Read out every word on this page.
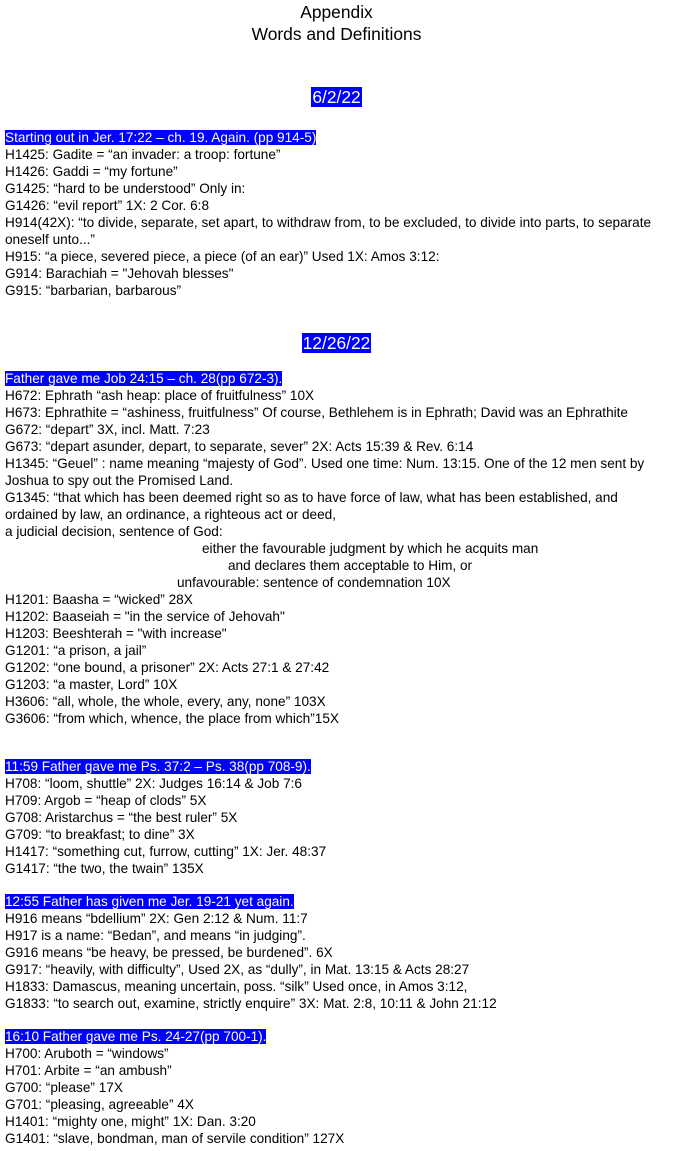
Appendix
Words and Definitions
6/2/22
Starting out in Jer. 17:22 – ch. 19. Again. (pp 914-5)
H1425: Gadite = “an invader: a troop: fortune”
H1426: Gaddi = “my fortune”
G1425: “hard to be understood” Only in:
G1426: “evil report” 1X: 2 Cor. 6:8
H914(42X): “to divide, separate, set apart, to withdraw from, to be excluded, to divide into parts, to separate oneself unto...”
H915: “a piece, severed piece, a piece (of an ear)” Used 1X: Amos 3:12:
G914: Barachiah = "Jehovah blesses"
G915: “barbarian, barbarous”
12/26/22
Father gave me Job 24:15 – ch. 28(pp 672-3).
H672: Ephrath “ash heap: place of fruitfulness” 10X
H673: Ephrathite = “ashiness, fruitfulness” Of course, Bethlehem is in Ephrath; David was an Ephrathite
G672: “depart” 3X, incl. Matt. 7:23
G673: “depart asunder, depart, to separate, sever” 2X: Acts 15:39 & Rev. 6:14
H1345: “Geuel” : name meaning “majesty of God”. Used one time: Num. 13:15. One of the 12 men sent by Joshua to spy out the Promised Land.
G1345: “that which has been deemed right so as to have force of law, what has been established, and ordained by law, an ordinance, a righteous act or deed,
a judicial decision, sentence of God:
either the favourable judgment by which he acquits man
and declares them acceptable to Him, or
unfavourable: sentence of condemnation 10X
H1201: Baasha = “wicked” 28X
H1202: Baaseiah = "in the service of Jehovah"
H1203: Beeshterah = "with increase"
G1201: “a prison, a jail”
G1202: “one bound, a prisoner” 2X: Acts 27:1 & 27:42
G1203: “a master, Lord” 10X
H3606: “all, whole, the whole, every, any, none” 103X
G3606: “from which, whence, the place from which”15X
11:59 Father gave me Ps. 37:2 – Ps. 38(pp 708-9).
H708: “loom, shuttle” 2X: Judges 16:14 & Job 7:6
H709: Argob = “heap of clods” 5X
G708: Aristarchus = “the best ruler” 5X
G709: “to breakfast; to dine” 3X
H1417: “something cut, furrow, cutting” 1X: Jer. 48:37
G1417: “the two, the twain” 135X
12:55 Father has given me Jer. 19-21 yet again.
H916 means “bdellium” 2X: Gen 2:12 & Num. 11:7
H917 is a name: “Bedan”, and means “in judging”.
G916 means “be heavy, be pressed, be burdened”. 6X
G917: “heavily, with difficulty”, Used 2X, as “dully”, in Mat. 13:15 & Acts 28:27
H1833: Damascus, meaning uncertain, poss. “silk” Used once, in Amos 3:12,
G1833: “to search out, examine, strictly enquire” 3X: Mat. 2:8, 10:11 & John 21:12
16:10 Father gave me Ps. 24-27(pp 700-1).
H700: Aruboth = “windows”
H701: Arbite = “an ambush”
G700: “please” 17X
G701: “pleasing, agreeable” 4X
H1401: “mighty one, might” 1X: Dan. 3:20
G1401: “slave, bondman, man of servile condition” 127X
